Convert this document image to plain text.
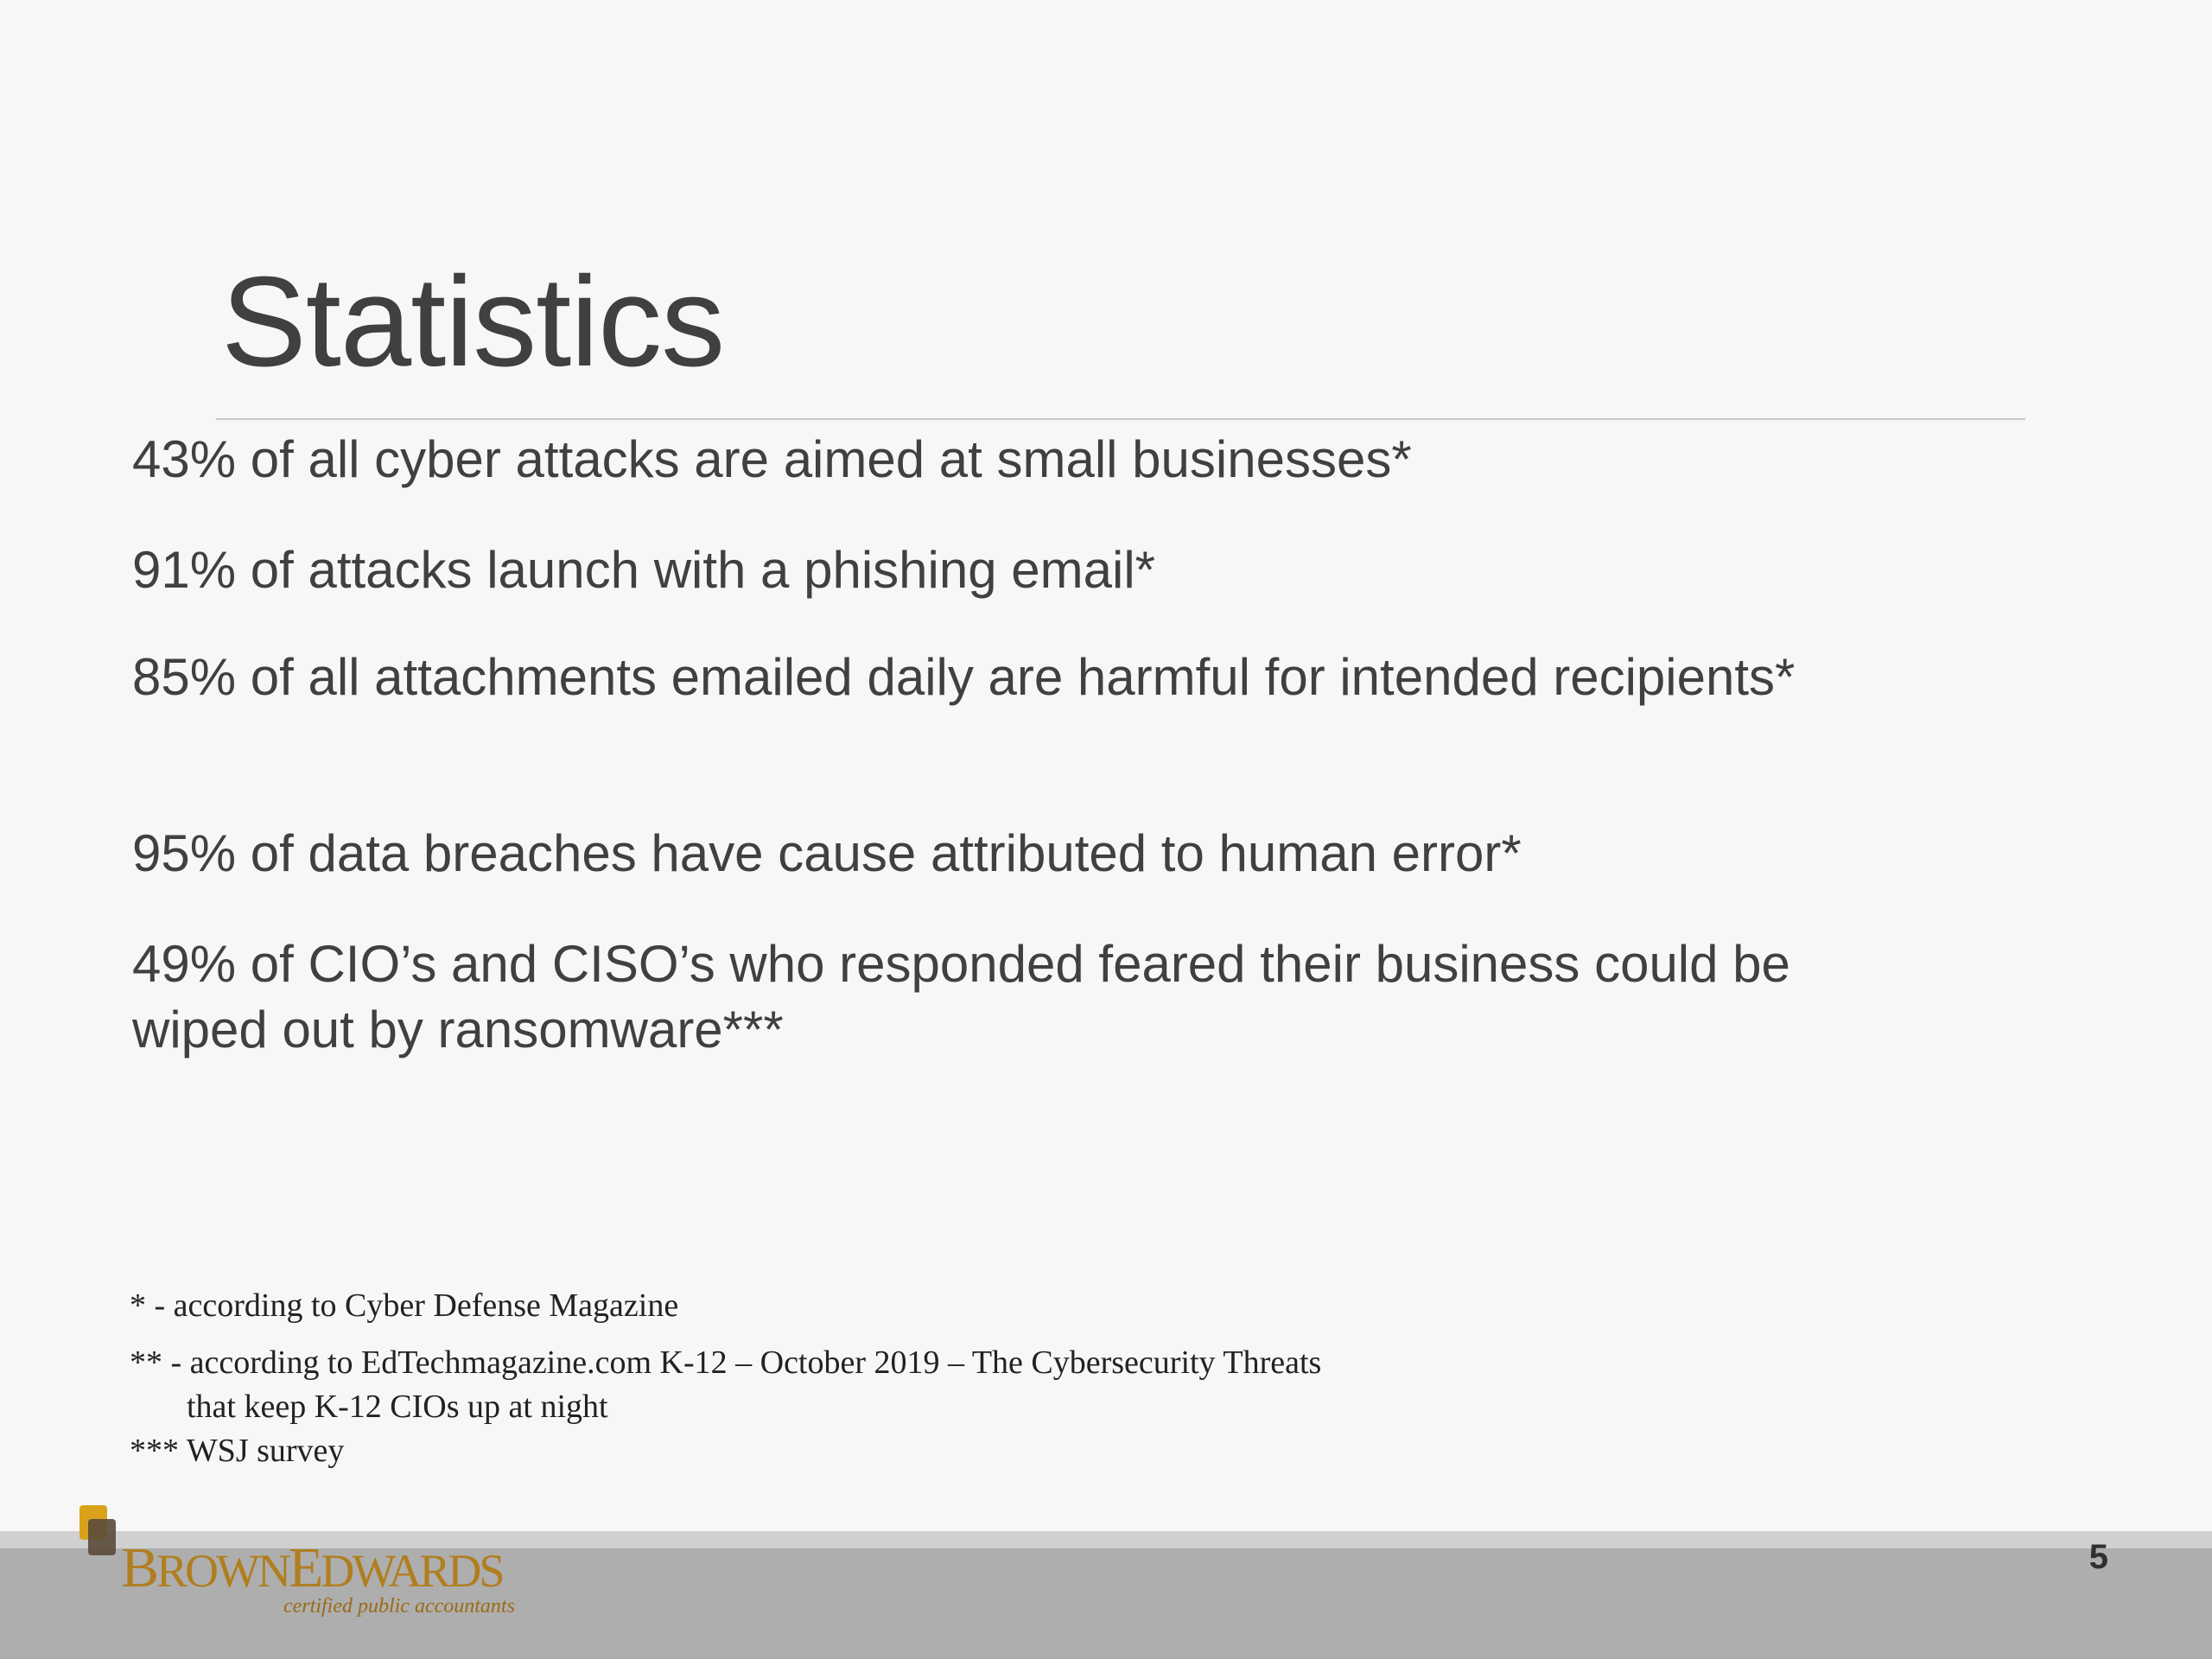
Statistics
43% of all cyber attacks are aimed at small businesses*
91% of attacks launch with a phishing email*
85% of all attachments emailed daily are harmful for intended recipients*
95% of data breaches have cause attributed to human error*
49% of CIO’s and CISO’s who responded feared their business could be wiped out by ransomware***
* - according to Cyber Defense Magazine
** - according to EdTechmagazine.com K-12 – October 2019 – The Cybersecurity Threats
that keep K-12 CIOs up at night
*** WSJ survey
BROWNEDWARDS
certified public accountants
5
